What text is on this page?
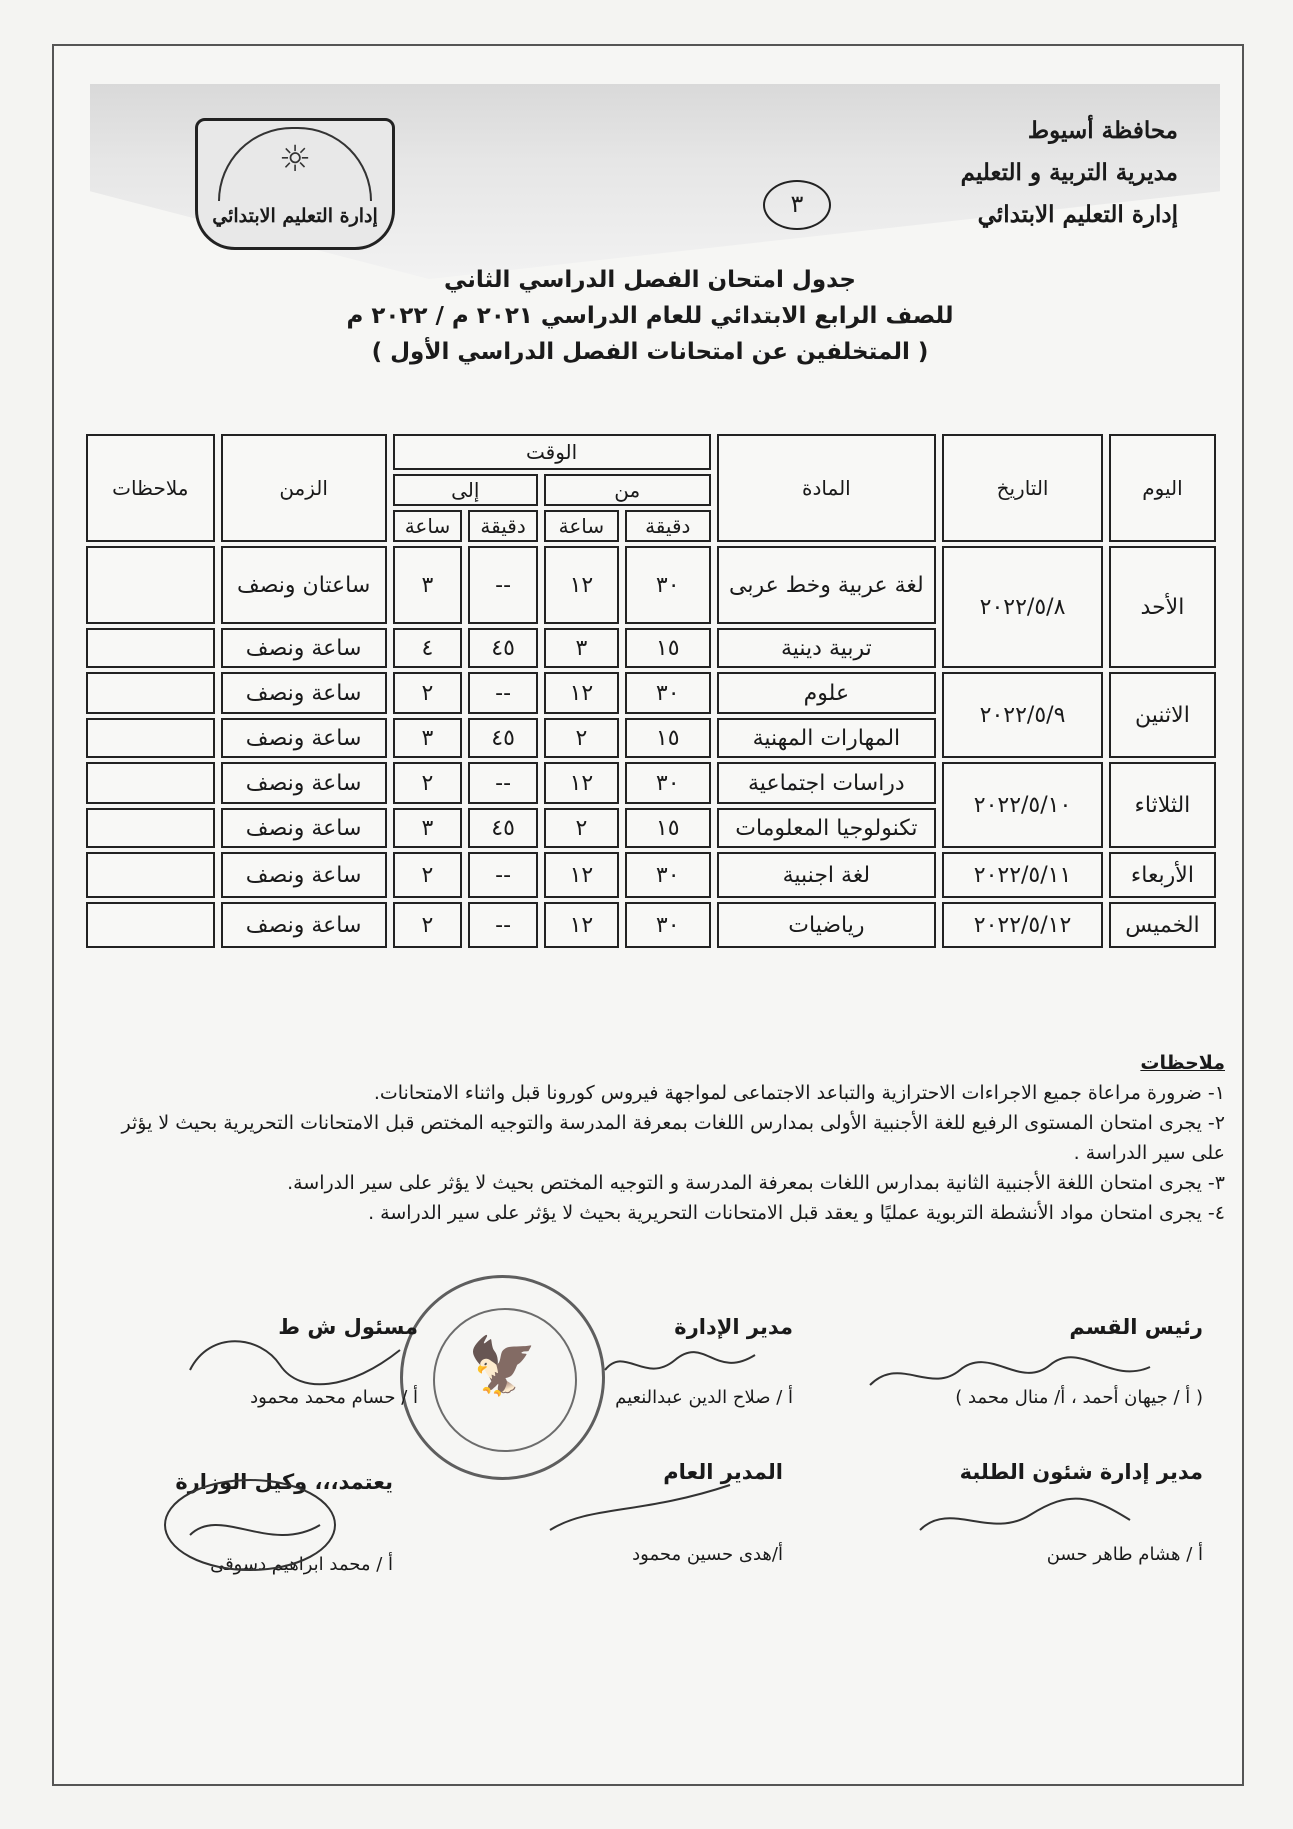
محافظة أسيوط
مديرية التربية و التعليم
إدارة التعليم الابتدائي
☼
إدارة التعليم الابتدائي	٣
جدول امتحان الفصل الدراسي الثاني
للصف الرابع الابتدائي للعام الدراسي ٢٠٢١ م / ٢٠٢٢ م
( المتخلفين عن امتحانات الفصل الدراسي الأول )
اليوم	التاريخ	المادة	الوقت				الزمن	ملاحظات
			من		إلى			
			دقيقة	ساعة	دقيقة	ساعة		
الأحد	٢٠٢٢/٥/٨	لغة عربية وخط عربى	٣٠	١٢	--	٣	ساعتان ونصف	
		تربية دينية	١٥	٣	٤٥	٤	ساعة ونصف	
الاثنين	٢٠٢٢/٥/٩	علوم	٣٠	١٢	--	٢	ساعة ونصف	
		المهارات المهنية	١٥	٢	٤٥	٣	ساعة ونصف	
الثلاثاء	٢٠٢٢/٥/١٠	دراسات اجتماعية	٣٠	١٢	--	٢	ساعة ونصف	
		تكنولوجيا المعلومات	١٥	٢	٤٥	٣	ساعة ونصف	
الأربعاء	٢٠٢٢/٥/١١	لغة اجنبية	٣٠	١٢	--	٢	ساعة ونصف	
الخميس	٢٠٢٢/٥/١٢	رياضيات	٣٠	١٢	--	٢	ساعة ونصف	
ملاحظات

١- ضرورة مراعاة جميع الاجراءات الاحترازية والتباعد الاجتماعى لمواجهة فيروس كورونا قبل واثناء الامتحانات.

٢- يجرى امتحان المستوى الرفيع للغة الأجنبية الأولى بمدارس اللغات بمعرفة المدرسة والتوجيه المختص قبل الامتحانات التحريرية بحيث لا يؤثر على سير الدراسة .

٣- يجرى امتحان اللغة الأجنبية الثانية بمدارس اللغات بمعرفة المدرسة و التوجيه المختص بحيث لا يؤثر على سير الدراسة.

٤- يجرى امتحان مواد الأنشطة التربوية عمليًا و يعقد قبل الامتحانات التحريرية بحيث لا يؤثر على سير الدراسة .

🦅
رئيس القسم
( أ / جيهان أحمد ، أ/ منال محمد )
مدير الإدارة
أ / صلاح الدين عبدالنعيم
مسئول ش ط
أ / حسام محمد محمود
مدير إدارة شئون الطلبة
أ / هشام طاهر حسن
المدير العام
أ/هدى حسين محمود
يعتمد،،، وكيل الوزارة
أ / محمد ابراهيم دسوقى
